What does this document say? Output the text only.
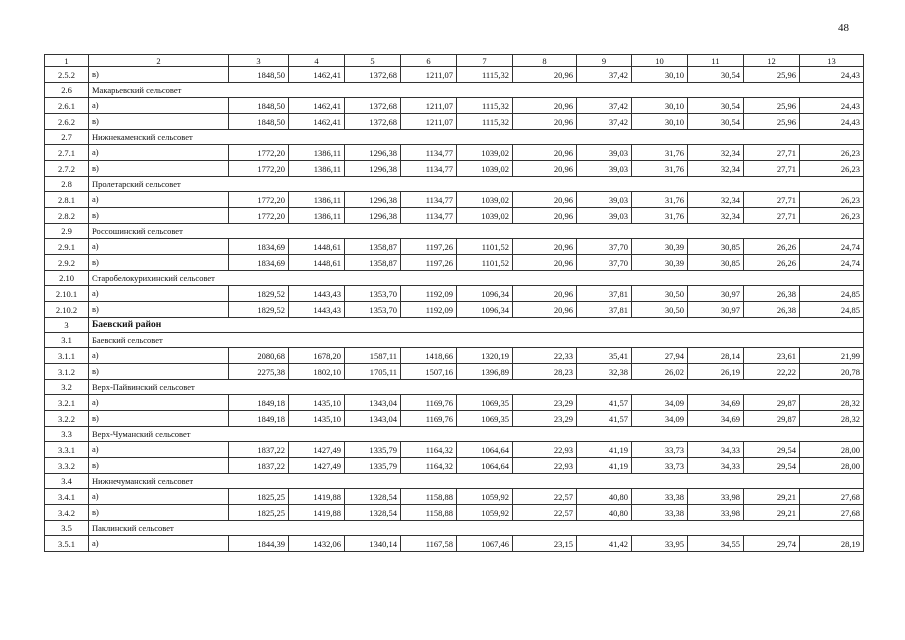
48
1	2	3	4	5	6	7	8	9	10	11	12	13
2.5.2	в)	1848,50	1462,41	1372,68	1211,07	1115,32	20,96	37,42	30,10	30,54	25,96	24,43
2.6	Макарьевский сельсовет											
2.6.1	а)	1848,50	1462,41	1372,68	1211,07	1115,32	20,96	37,42	30,10	30,54	25,96	24,43
2.6.2	в)	1848,50	1462,41	1372,68	1211,07	1115,32	20,96	37,42	30,10	30,54	25,96	24,43
2.7	Нижнекаменский сельсовет											
2.7.1	а)	1772,20	1386,11	1296,38	1134,77	1039,02	20,96	39,03	31,76	32,34	27,71	26,23
2.7.2	в)	1772,20	1386,11	1296,38	1134,77	1039,02	20,96	39,03	31,76	32,34	27,71	26,23
2.8	Пролетарский сельсовет											
2.8.1	а)	1772,20	1386,11	1296,38	1134,77	1039,02	20,96	39,03	31,76	32,34	27,71	26,23
2.8.2	в)	1772,20	1386,11	1296,38	1134,77	1039,02	20,96	39,03	31,76	32,34	27,71	26,23
2.9	Россошинский сельсовет											
2.9.1	а)	1834,69	1448,61	1358,87	1197,26	1101,52	20,96	37,70	30,39	30,85	26,26	24,74
2.9.2	в)	1834,69	1448,61	1358,87	1197,26	1101,52	20,96	37,70	30,39	30,85	26,26	24,74
2.10	Старобелокурихинский сельсовет											
2.10.1	а)	1829,52	1443,43	1353,70	1192,09	1096,34	20,96	37,81	30,50	30,97	26,38	24,85
2.10.2	в)	1829,52	1443,43	1353,70	1192,09	1096,34	20,96	37,81	30,50	30,97	26,38	24,85
3	Баевский район											
3.1	Баевский сельсовет											
3.1.1	а)	2080,68	1678,20	1587,11	1418,66	1320,19	22,33	35,41	27,94	28,14	23,61	21,99
3.1.2	в)	2275,38	1802,10	1705,11	1507,16	1396,89	28,23	32,38	26,02	26,19	22,22	20,78
3.2	Верх-Пайвинский сельсовет											
3.2.1	а)	1849,18	1435,10	1343,04	1169,76	1069,35	23,29	41,57	34,09	34,69	29,87	28,32
3.2.2	в)	1849,18	1435,10	1343,04	1169,76	1069,35	23,29	41,57	34,09	34,69	29,87	28,32
3.3	Верх-Чуманский сельсовет											
3.3.1	а)	1837,22	1427,49	1335,79	1164,32	1064,64	22,93	41,19	33,73	34,33	29,54	28,00
3.3.2	в)	1837,22	1427,49	1335,79	1164,32	1064,64	22,93	41,19	33,73	34,33	29,54	28,00
3.4	Нижнечуманский сельсовет											
3.4.1	а)	1825,25	1419,88	1328,54	1158,88	1059,92	22,57	40,80	33,38	33,98	29,21	27,68
3.4.2	в)	1825,25	1419,88	1328,54	1158,88	1059,92	22,57	40,80	33,38	33,98	29,21	27,68
3.5	Паклинский сельсовет											
3.5.1	а)	1844,39	1432,06	1340,14	1167,58	1067,46	23,15	41,42	33,95	34,55	29,74	28,19
